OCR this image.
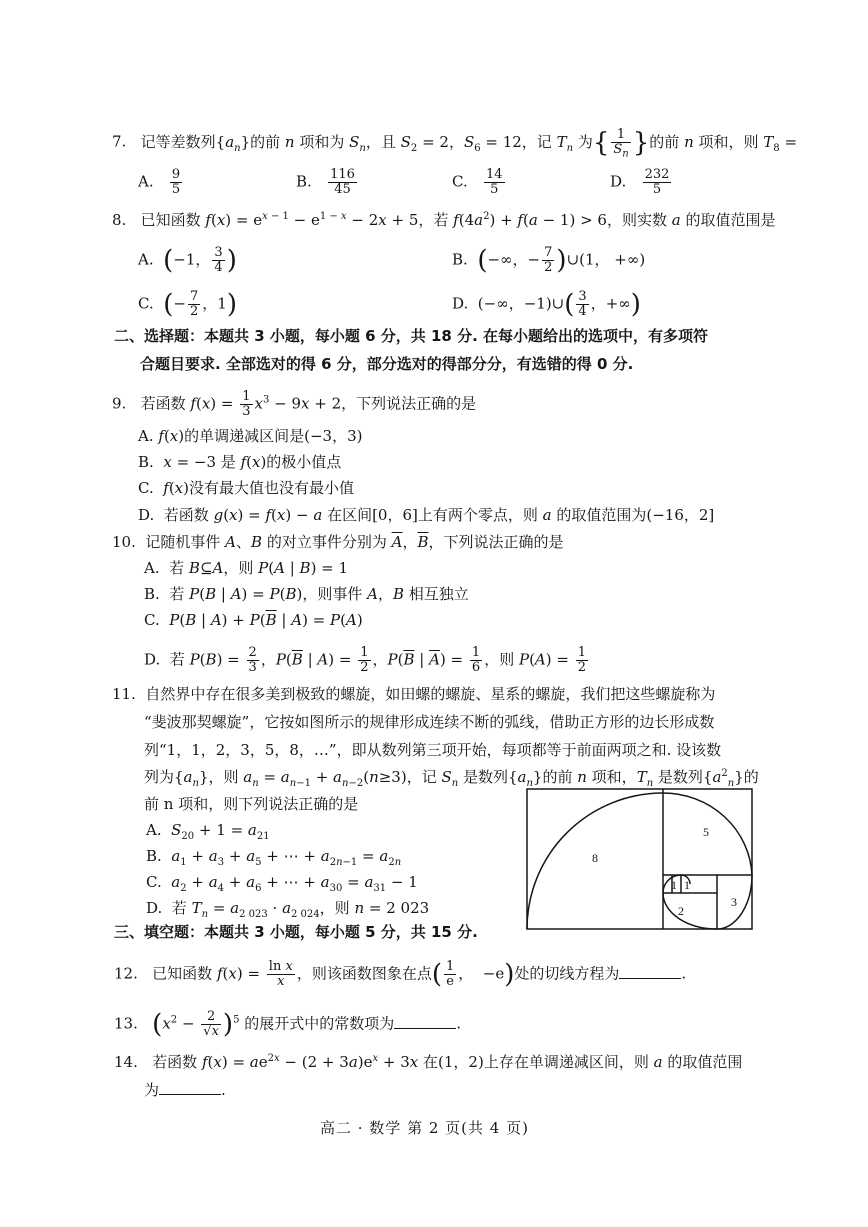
7.   记等差数列$\{a_n\}$的前 n 项和为 $S_n$，且 $S_2 = 2$，$S_6 = 12$，记 $T_n$ 为{ $\frac{1}{S_n}$ }的前 n 项和，则 $T_8$ =
A. $\frac{9}{5}$	B. $\frac{116}{45}$	C. $\frac{14}{5}$	D. $\frac{232}{5}$
8.   已知函数 $f(x) = e^{x - 1} - e^{1 - x} - 2x + 5$，若 $f(4a^2) + f(a - 1) > 6$，则实数 a 的取值范围是
A.  (−1， $\frac{3}{4}$ )	B.  (−∞，− $\frac{7}{2}$ )∪(1， +∞)
C.  (− $\frac{7}{2}$ ，1)	D.  (−∞，−1)∪( $\frac{3}{4}$ ，+∞)
二、选择题：本题共 3 小题，每小题 6 分，共 18 分. 在每小题给出的选项中，有多项符
合题目要求. 全部选对的得 6 分，部分选对的得部分分，有选错的得 0 分.
9.   若函数 $f(x) = \frac{1}{3} x^3 - 9x + 2$，下列说法正确的是
A. f(x)的单调递减区间是(−3，3)
B.  x = −3 是 f(x)的极小值点
C.  f(x)没有最大值也没有最小值
D.  若函数 g(x) = f(x) − a 在区间[0，6]上有两个零点，则 a 的取值范围为(−16，2]
10.  记随机事件 A、B 的对立事件分别为 $\overline{A}$，$\overline{B}$，下列说法正确的是
A.  若 B⊆A，则 P(A | B) = 1
B.  若 P(B | A) = P(B)，则事件 A，B 相互独立
C.  P(B | $A) + P(\overline{B}$ | A) = P(A)
D.  若 $P(B) = \frac{2}{3}$ ，$P(\overline{B}$ | $A) = \frac{1}{2}$ ，$P(\overline{B}$ | $\overline{A}) = \frac{1}{6}$ ，则 $P(A) = \frac{1}{2}$
11. 自然界中存在很多美到极致的螺旋，如田螺的螺旋、星系的螺旋，我们把这些螺旋称为
“斐波那契螺旋”，它按如图所示的规律形成连续不断的弧线，借助正方形的边长形成数
列“1，1，2，3，5，8，…”，即从数列第三项开始，每项都等于前面两项之和. 设该数
列为$\{a_n\}$，则 $a_n = a_{n-1} + a_{n-2}(n\ge 3)$，记 $S_n$ 是数列$\{a_n\}$的前 n 项和，$T_n$ 是数列$\{a^2_n\}$的
前 n 项和，则下列说法正确的是
A.  $S_{20} + 1 = a_{21}$
B.  $a_1 + a_3 + a_5$ + ⋯ + $a_{2n-1} = a_{2n}$
C.  $a_2 + a_4 + a_6$ + ⋯ + $a_{30} = a_{31} - 1$
D.  若 $T_n = a_{2 023} \cdot a_{2 024}$，则 n = 2 023
8
5
3
2
1 1
三、填空题：本题共 3 小题，每小题 5 分，共 15 分.
12.   已知函数 $f(x) = \frac{\text{ln x}}{x}$ ，则该函数图象在点( $\frac{1}{e}$ ，  −e)处的切线方程为	.
13. $(x^2 - \frac{2}{√x} )^5$ 的展开式中的常数项为	.
14.   若函数 $f(x) = ae^{2x} - (2 + 3a)e^x + 3x$ 在(1，2)上存在单调递减区间，则 a 的取值范围
为	.
高二 · 数学 第 2 页(共 4 页)
